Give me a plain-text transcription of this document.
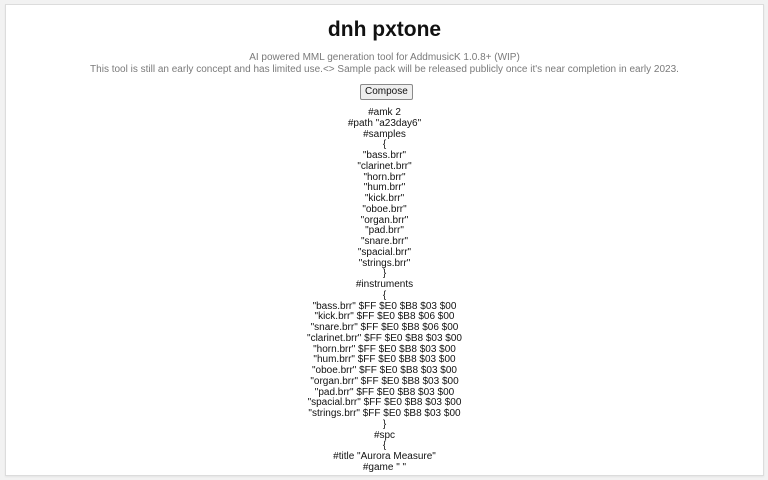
dnh pxtone
AI powered MML generation tool for AddmusicK 1.0.8+ (WIP)
This tool is still an early concept and has limited use.<> Sample pack will be released publicly once it's near completion in early 2023.
Compose
#amk 2
#path "a23day6"
#samples
{
"bass.brr"
"clarinet.brr"
"horn.brr"
"hum.brr"
"kick.brr"
"oboe.brr"
"organ.brr"
"pad.brr"
"snare.brr"
"spacial.brr"
"strings.brr"
}
#instruments
{
"bass.brr" $FF $E0 $B8 $03 $00
"kick.brr" $FF $E0 $B8 $06 $00
"snare.brr" $FF $E0 $B8 $06 $00
"clarinet.brr" $FF $E0 $B8 $03 $00
"horn.brr" $FF $E0 $B8 $03 $00
"hum.brr" $FF $E0 $B8 $03 $00
"oboe.brr" $FF $E0 $B8 $03 $00
"organ.brr" $FF $E0 $B8 $03 $00
"pad.brr" $FF $E0 $B8 $03 $00
"spacial.brr" $FF $E0 $B8 $03 $00
"strings.brr" $FF $E0 $B8 $03 $00
}
#spc
{
#title "Aurora Measure"
#game " "
